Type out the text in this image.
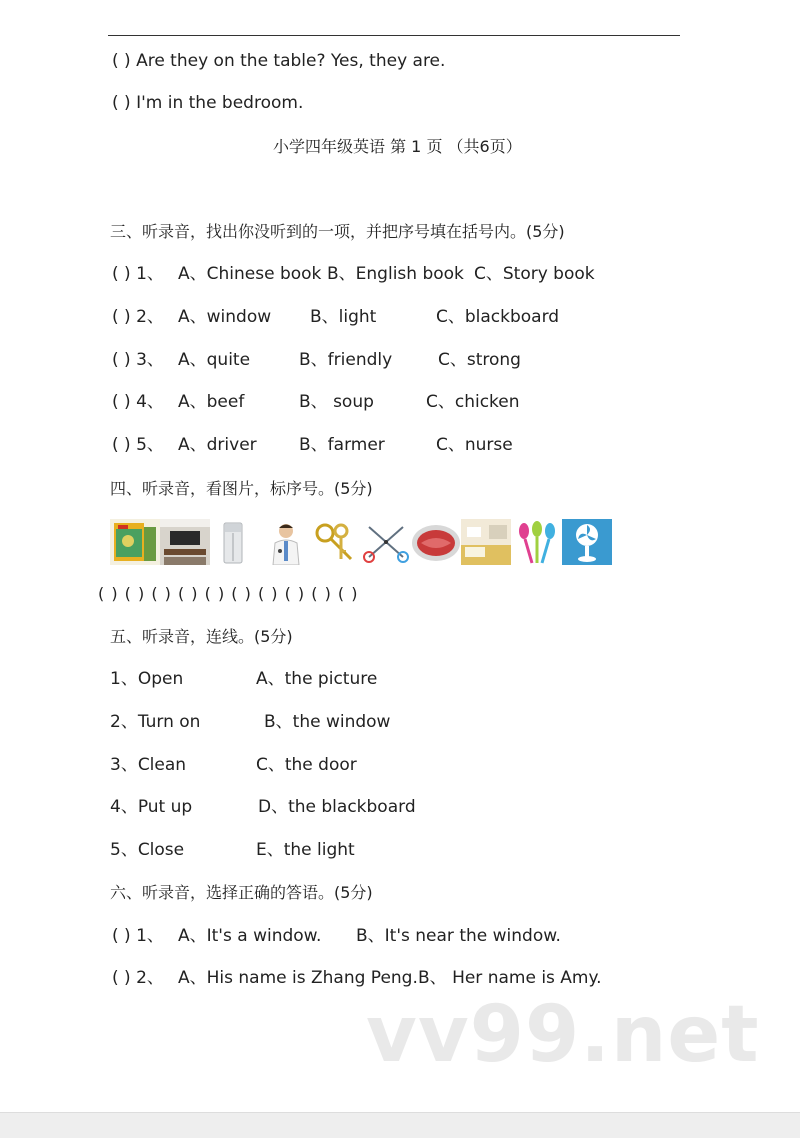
( ) Are they on the table? Yes, they are.
( ) I'm in the bedroom.
小学四年级英语 第 1 页 （共6页）
三、听录音，找出你没听到的一项，并把序号填在括号内。(5分)
( ) 1、 A、Chinese book B、English book C、Story book
( ) 2、 A、window B、light	C、blackboard
( ) 3、 A、quite	B、friendly	C、strong
( ) 4、 A、beef	B、 soup	C、chicken
( ) 5、 A、driver B、farmer	C、nurse
四、听录音，看图片，标序号。(5分)
( ) ( ) ( ) ( ) ( ) ( ) ( ) ( ) ( ) ( )
五、听录音，连线。(5分)
1、Open	A、the picture
2、Turn on	B、the window
3、Clean	C、the door
4、Put up	D、the blackboard
5、Close	E、the light
六、听录音，选择正确的答语。(5分)
( ) 1、 A、It's a window. B、It's near the window.
( ) 2、 A、His name is Zhang Peng. B、 Her name is Amy.
vv99.net
